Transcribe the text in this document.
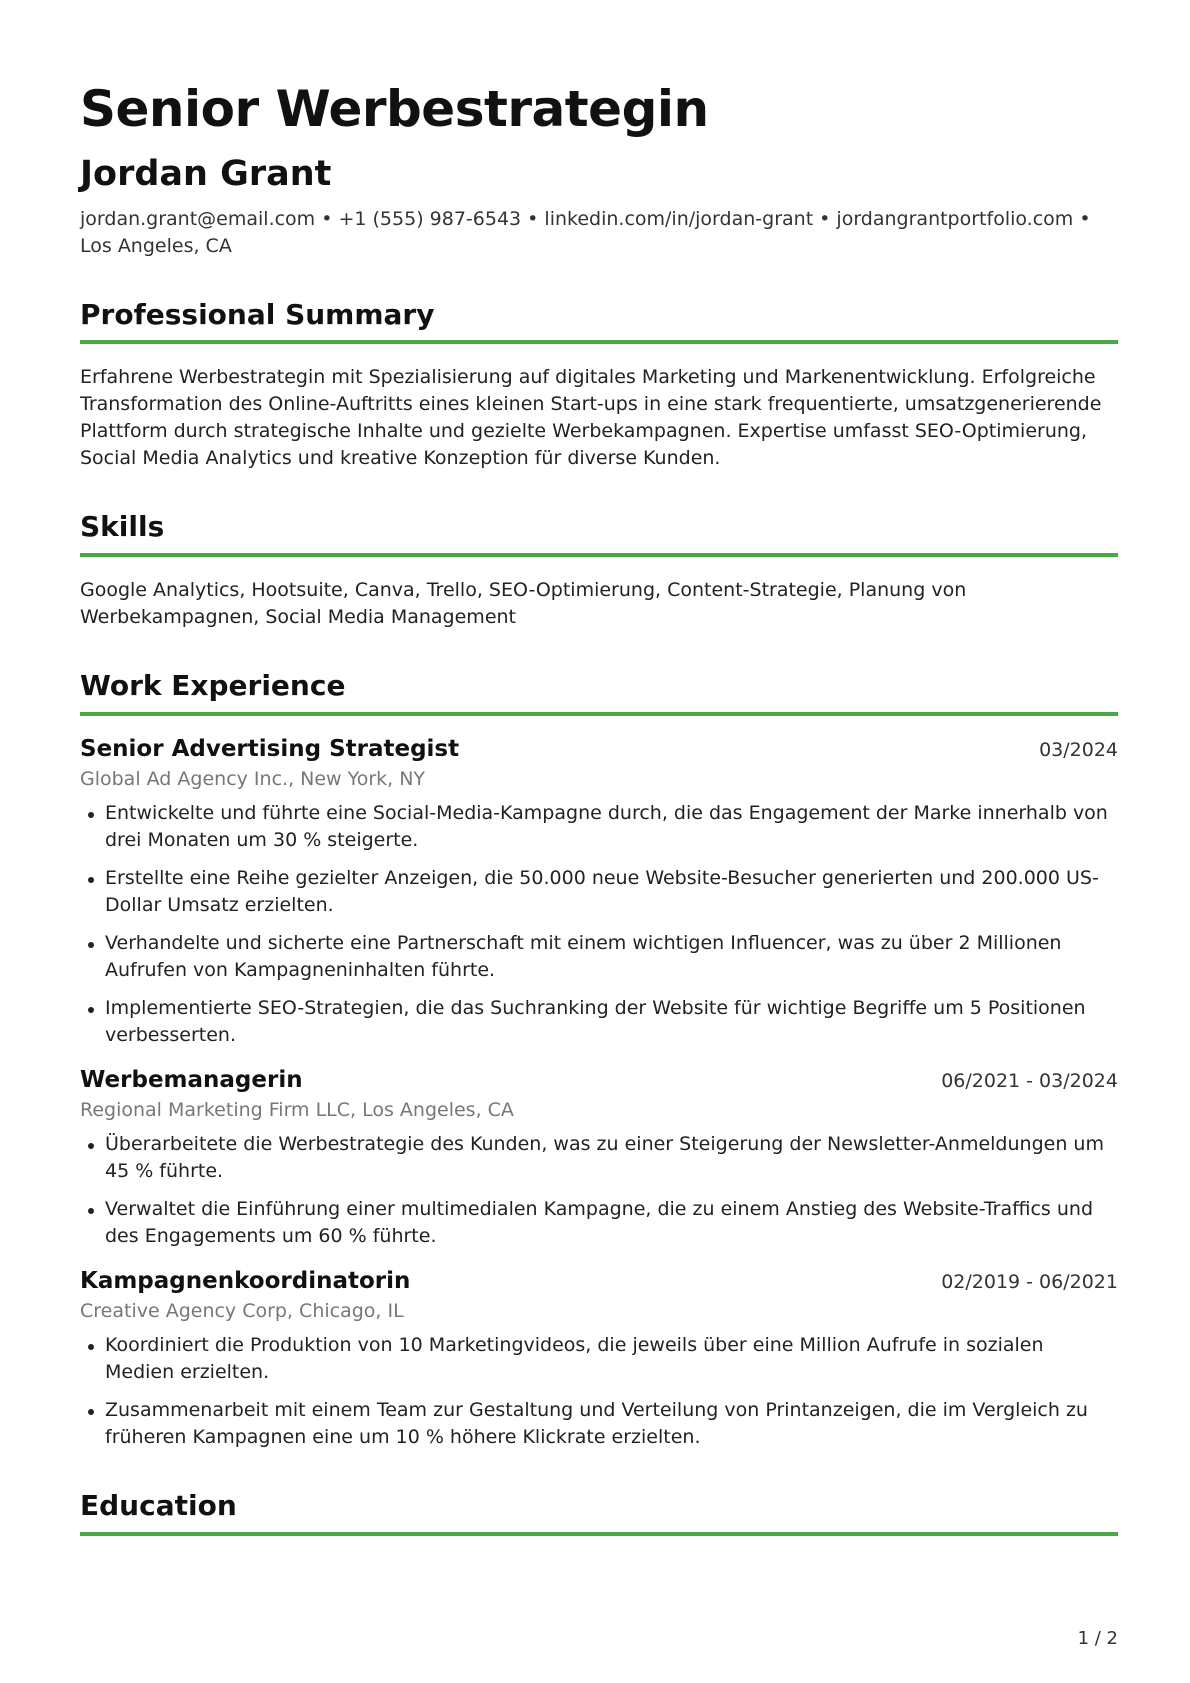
Senior Werbestrategin
Jordan Grant
jordan.grant@email.com • +1 (555) 987-6543 • linkedin.com/in/jordan-grant • jordangrantportfolio.com • Los Angeles, CA
Professional Summary
Erfahrene Werbestrategin mit Spezialisierung auf digitales Marketing und Markenentwicklung. Erfolgreiche Transformation des Online-Auftritts eines kleinen Start-ups in eine stark frequentierte, umsatzgenerierende Plattform durch strategische Inhalte und gezielte Werbekampagnen. Expertise umfasst SEO-Optimierung, Social Media Analytics und kreative Konzeption für diverse Kunden.
Skills
Google Analytics, Hootsuite, Canva, Trello, SEO-Optimierung, Content-Strategie, Planung von Werbekampagnen, Social Media Management
Work Experience
Senior Advertising Strategist	03/2024
Global Ad Agency Inc., New York, NY
Entwickelte und führte eine Social-Media-Kampagne durch, die das Engagement der Marke innerhalb von drei Monaten um 30 % steigerte.
Erstellte eine Reihe gezielter Anzeigen, die 50.000 neue Website-Besucher generierten und 200.000 US-Dollar Umsatz erzielten.
Verhandelte und sicherte eine Partnerschaft mit einem wichtigen Influencer, was zu über 2 Millionen Aufrufen von Kampagneninhalten führte.
Implementierte SEO-Strategien, die das Suchranking der Website für wichtige Begriffe um 5 Positionen verbesserten.
Werbemanagerin	06/2021 - 03/2024
Regional Marketing Firm LLC, Los Angeles, CA
Überarbeitete die Werbestrategie des Kunden, was zu einer Steigerung der Newsletter-Anmeldungen um 45 % führte.
Verwaltet die Einführung einer multimedialen Kampagne, die zu einem Anstieg des Website-Traffics und des Engagements um 60 % führte.
Kampagnenkoordinatorin	02/2019 - 06/2021
Creative Agency Corp, Chicago, IL
Koordiniert die Produktion von 10 Marketingvideos, die jeweils über eine Million Aufrufe in sozialen Medien erzielten.
Zusammenarbeit mit einem Team zur Gestaltung und Verteilung von Printanzeigen, die im Vergleich zu früheren Kampagnen eine um 10 % höhere Klickrate erzielten.
Education
1 / 2
